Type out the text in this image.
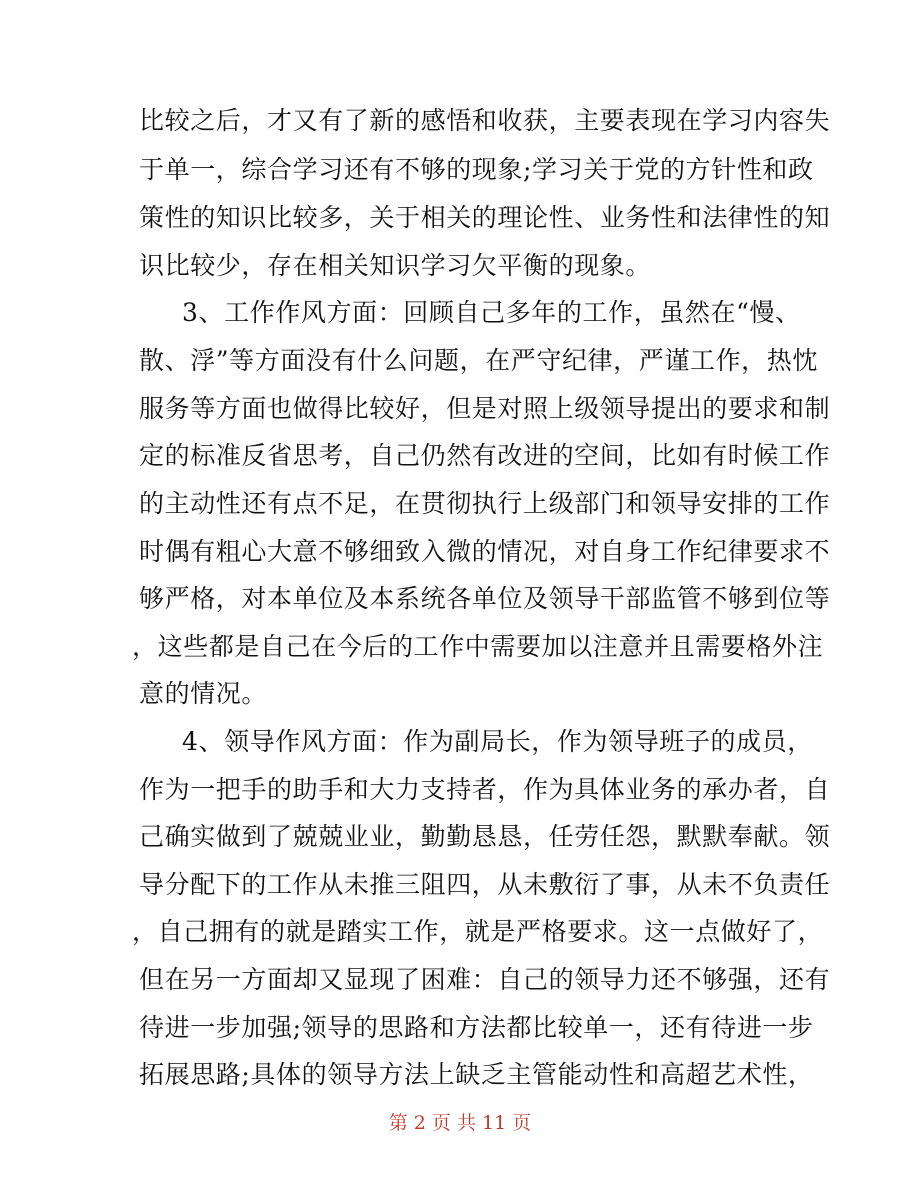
比较之后，才又有了新的感悟和收获，主要表现在学习内容失
于单一，综合学习还有不够的现象;学习关于党的方针性和政
策性的知识比较多，关于相关的理论性、业务性和法律性的知
识比较少，存在相关知识学习欠平衡的现象。
3、工作作风方面：回顾自己多年的工作，虽然在“慢、
散、浮”等方面没有什么问题，在严守纪律，严谨工作，热忱
服务等方面也做得比较好，但是对照上级领导提出的要求和制
定的标准反省思考，自己仍然有改进的空间，比如有时候工作
的主动性还有点不足，在贯彻执行上级部门和领导安排的工作
时偶有粗心大意不够细致入微的情况，对自身工作纪律要求不
够严格，对本单位及本系统各单位及领导干部监管不够到位等
，这些都是自己在今后的工作中需要加以注意并且需要格外注
意的情况。
4、领导作风方面：作为副局长，作为领导班子的成员，
作为一把手的助手和大力支持者，作为具体业务的承办者，自
己确实做到了兢兢业业，勤勤恳恳，任劳任怨，默默奉献。领
导分配下的工作从未推三阻四，从未敷衍了事，从未不负责任
，自己拥有的就是踏实工作，就是严格要求。这一点做好了，
但在另一方面却又显现了困难：自己的领导力还不够强，还有
待进一步加强;领导的思路和方法都比较单一，还有待进一步
拓展思路;具体的领导方法上缺乏主管能动性和高超艺术性，
第 2 页 共 11 页
